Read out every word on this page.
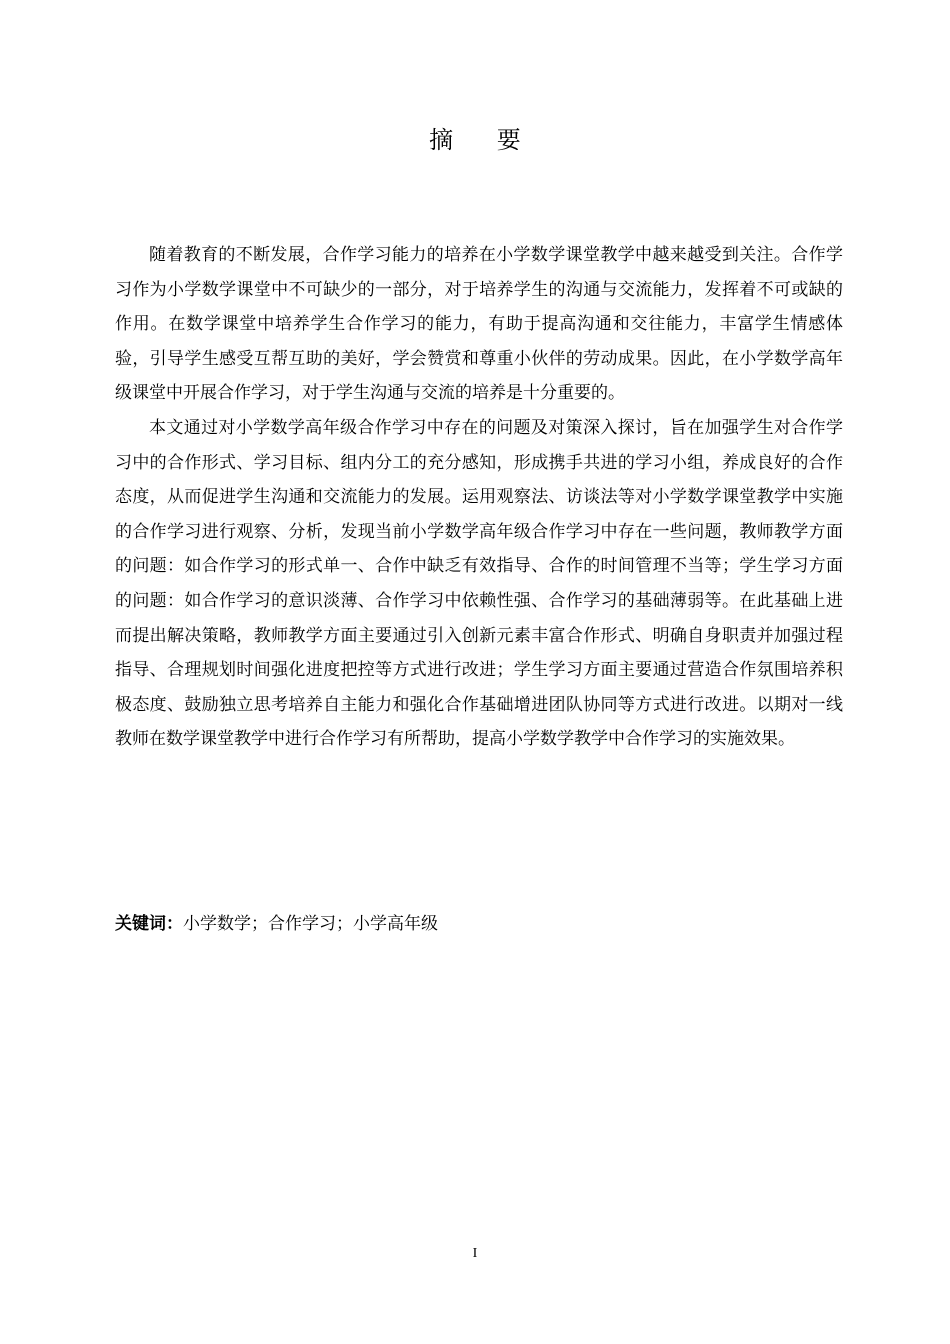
摘 要

随着教育的不断发展，合作学习能力的培养在小学数学课堂教学中越来越受到关注。合作学习作为小学数学课堂中不可缺少的一部分，对于培养学生的沟通与交流能力，发挥着不可或缺的作用。在数学课堂中培养学生合作学习的能力，有助于提高沟通和交往能力，丰富学生情感体验，引导学生感受互帮互助的美好，学会赞赏和尊重小伙伴的劳动成果。因此，在小学数学高年级课堂中开展合作学习，对于学生沟通与交流的培养是十分重要的。

本文通过对小学数学高年级合作学习中存在的问题及对策深入探讨，旨在加强学生对合作学习中的合作形式、学习目标、组内分工的充分感知，形成携手共进的学习小组，养成良好的合作态度，从而促进学生沟通和交流能力的发展。运用观察法、访谈法等对小学数学课堂教学中实施的合作学习进行观察、分析，发现当前小学数学高年级合作学习中存在一些问题，教师教学方面的问题：如合作学习的形式单一、合作中缺乏有效指导、合作的时间管理不当等；学生学习方面的问题：如合作学习的意识淡薄、合作学习中依赖性强、合作学习的基础薄弱等。在此基础上进而提出解决策略，教师教学方面主要通过引入创新元素丰富合作形式、明确自身职责并加强过程指导、合理规划时间强化进度把控等方式进行改进；学生学习方面主要通过营造合作氛围培养积极态度、鼓励独立思考培养自主能力和强化合作基础增进团队协同等方式进行改进。以期对一线教师在数学课堂教学中进行合作学习有所帮助，提高小学数学教学中合作学习的实施效果。

关键词：小学数学；合作学习；小学高年级
I
